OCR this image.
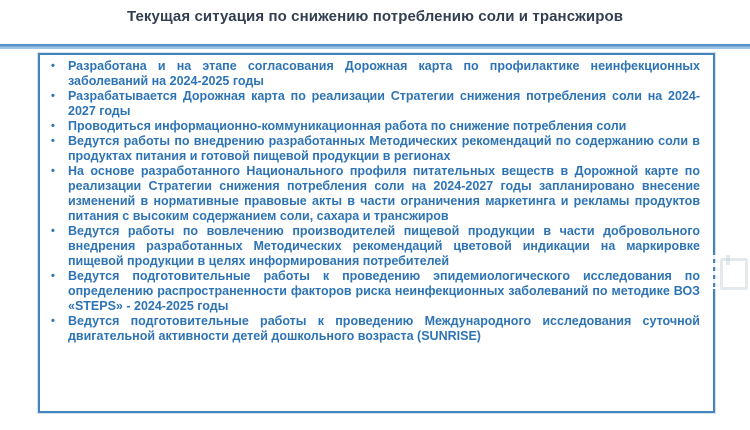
Текущая ситуация по снижению потреблению соли и трансжиров
• Разработана и на этапе согласования Дорожная карта по профилактике неинфекционных заболеваний на 2024-2025 годы
• Разрабатывается Дорожная карта по реализации Стратегии снижения потребления соли на 2024-2027 годы
• Проводиться информационно-коммуникационная работа по снижение потребления соли
• Ведутся работы по внедрению разработанных Методических рекомендаций по содержанию соли в продуктах питания и готовой пищевой продукции в регионах
• На основе разработанного Национального профиля питательных веществ в Дорожной карте по реализации Стратегии снижения потребления соли на 2024-2027 годы запланировано внесение изменений в нормативные правовые акты в части ограничения маркетинга и рекламы продуктов питания с высоким содержанием соли, сахара и трансжиров
• Ведутся работы по вовлечению производителей пищевой продукции в части добровольного внедрения разработанных Методических рекомендаций цветовой индикации на маркировке пищевой продукции в целях информирования потребителей
• Ведутся подготовительные работы к проведению эпидемиологического исследования по определению распространенности факторов риска неинфекционных заболеваний по методике ВОЗ «STEPS» - 2024-2025 годы
• Ведутся подготовительные работы к проведению Международного исследования суточной двигательной активности детей дошкольного возраста (SUNRISE)
